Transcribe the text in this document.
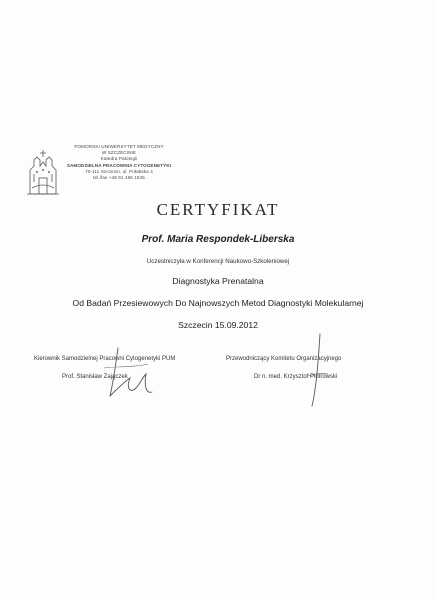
POMORSKI UNIWERSYTET MEDYCZNY
W SZCZECINIE
Katedra Patologii
SAMODZIELNA PRACOWNIA CYTOGENETYKI
70-111 Szczecin, ul. Połabska 4
tel./fax +48 91 466 1545
CERTYFIKAT
Prof. Maria Respondek-Liberska
Uczestniczyła w Konferencji Naukowo-Szkoleniowej
Diagnostyka Prenatalna
Od Badań Przesiewowych Do Najnowszych Metod Diagnostyki Molekularnej
Szczecin 15.09.2012
Kierownik Samodzielnej Pracowni Cytogenetyki PUM
Prof. Stanisław Zajączek
Przewodniczący Komitetu Organizacyjnego
Dr n. med. Krzysztof Piotrowski
